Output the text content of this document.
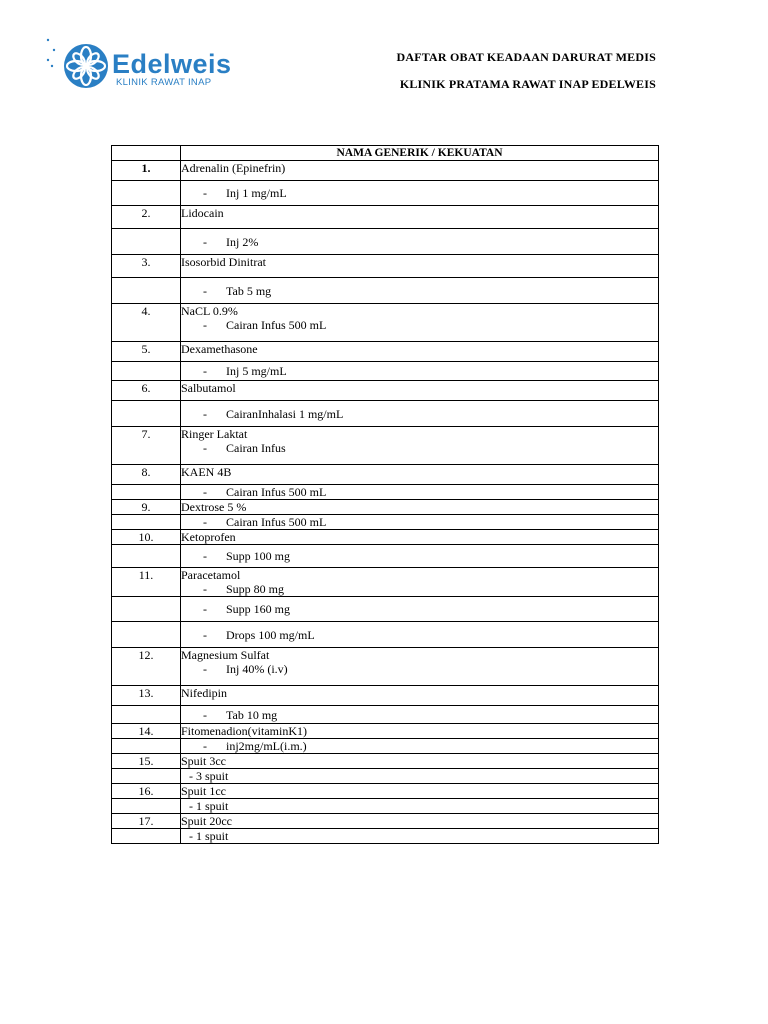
Edelweis
KLINIK RAWAT INAP
DAFTAR OBAT KEADAAN DARURAT MEDIS
KLINIK PRATAMA RAWAT INAP EDELWEIS
	NAMA GENERIK / KEKUATAN
1.	Adrenalin (Epinefrin)

	- Inj 1 mg/mL

2.	Lidocain

	- Inj 2%

3.	Isosorbid Dinitrat

	- Tab 5 mg

4.	NaCL 0.9%
- Cairan Infus 500 mL

5.	Dexamethasone

	- Inj 5 mg/mL

6.	Salbutamol

	- CairanInhalasi 1 mg/mL

7.	Ringer Laktat
- Cairan Infus

8.	KAEN 4B

	- Cairan Infus 500 mL

9.	Dextrose 5 %

	- Cairan Infus 500 mL

10.	Ketoprofen

	- Supp 100 mg

11.	Paracetamol
- Supp 80 mg

	- Supp 160 mg

	- Drops 100 mg/mL

12.	Magnesium Sulfat
- Inj 40% (i.v)

13.	Nifedipin

	- Tab 10 mg

14.	Fitomenadion(vitaminK1)

	- inj2mg/mL(i.m.)

15.	Spuit 3cc

	- 3 spuit

16.	Spuit 1cc

	- 1 spuit

17.	Spuit 20cc

	- 1 spuit
